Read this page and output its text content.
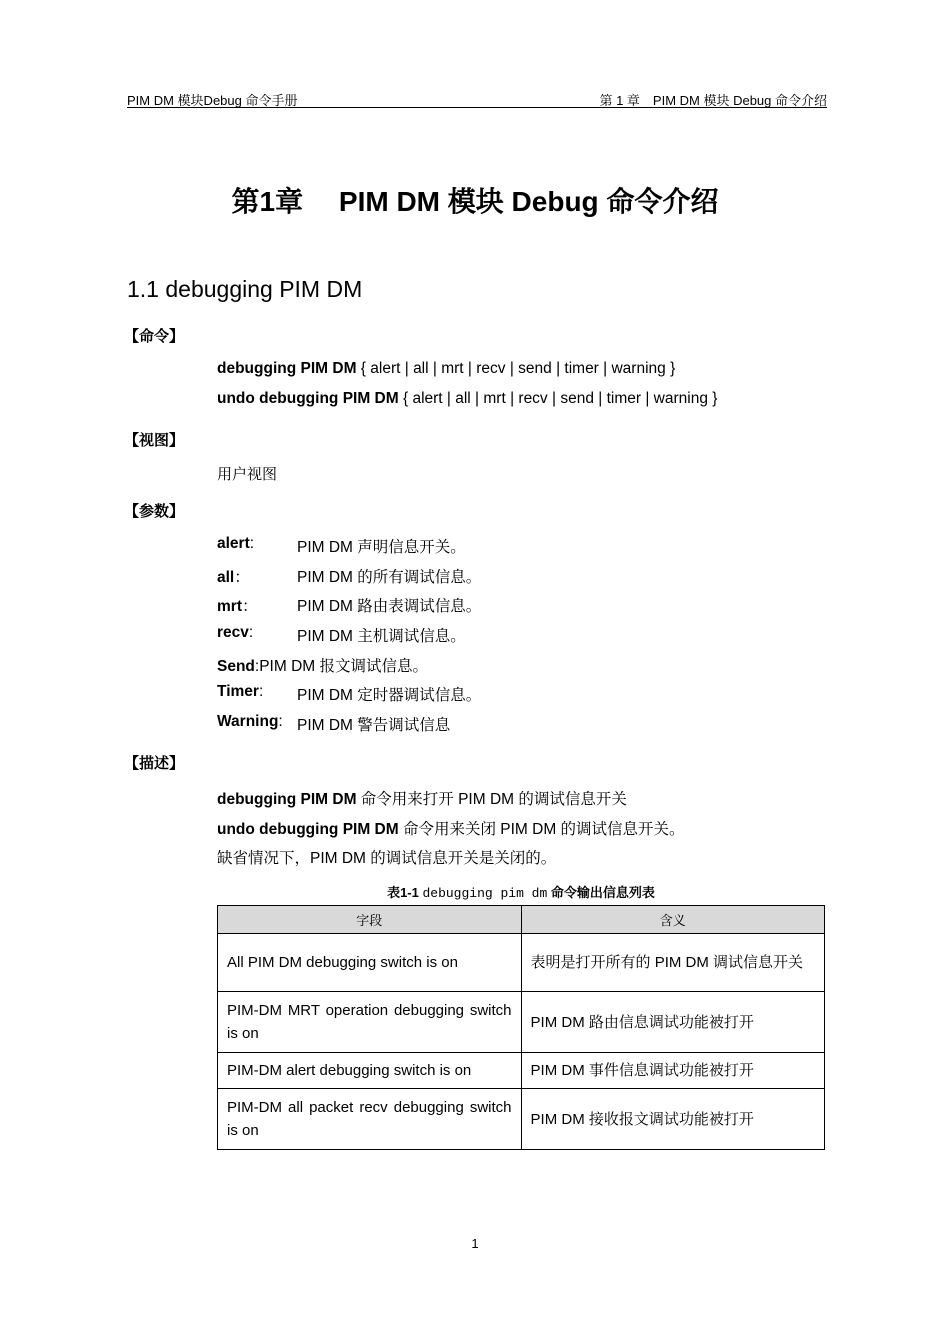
PIM DM 模块Debug 命令手册	第 1 章　PIM DM 模块 Debug 命令介绍
第1章　 PIM DM 模块 Debug 命令介绍
1.1 debugging PIM DM
【命令】
debugging PIM DM { alert | all | mrt | recv | send | timer | warning }
undo debugging PIM DM { alert | all | mrt | recv | send | timer | warning }
【视图】
用户视图
【参数】
alert:	PIM DM 声明信息开关。
all：	PIM DM 的所有调试信息。
mrt：	PIM DM 路由表调试信息。
recv:	PIM DM 主机调试信息。
Send:PIM DM 报文调试信息。
Timer: PIM DM 定时器调试信息。
Warning: PIM DM 警告调试信息
【描述】
debugging PIM DM 命令用来打开 PIM DM 的调试信息开关
undo debugging PIM DM 命令用来关闭 PIM DM 的调试信息开关。
缺省情况下，PIM DM 的调试信息开关是关闭的。
表1-1 debugging pim dm 命令输出信息列表
字段	含义
All PIM DM debugging switch is on	表明是打开所有的 PIM DM 调试信息开关
PIM-DM MRT operation debugging switch is on	PIM DM 路由信息调试功能被打开
PIM-DM alert debugging switch is on	PIM DM 事件信息调试功能被打开
PIM-DM all packet recv debugging switch is on	PIM DM 接收报文调试功能被打开
1
